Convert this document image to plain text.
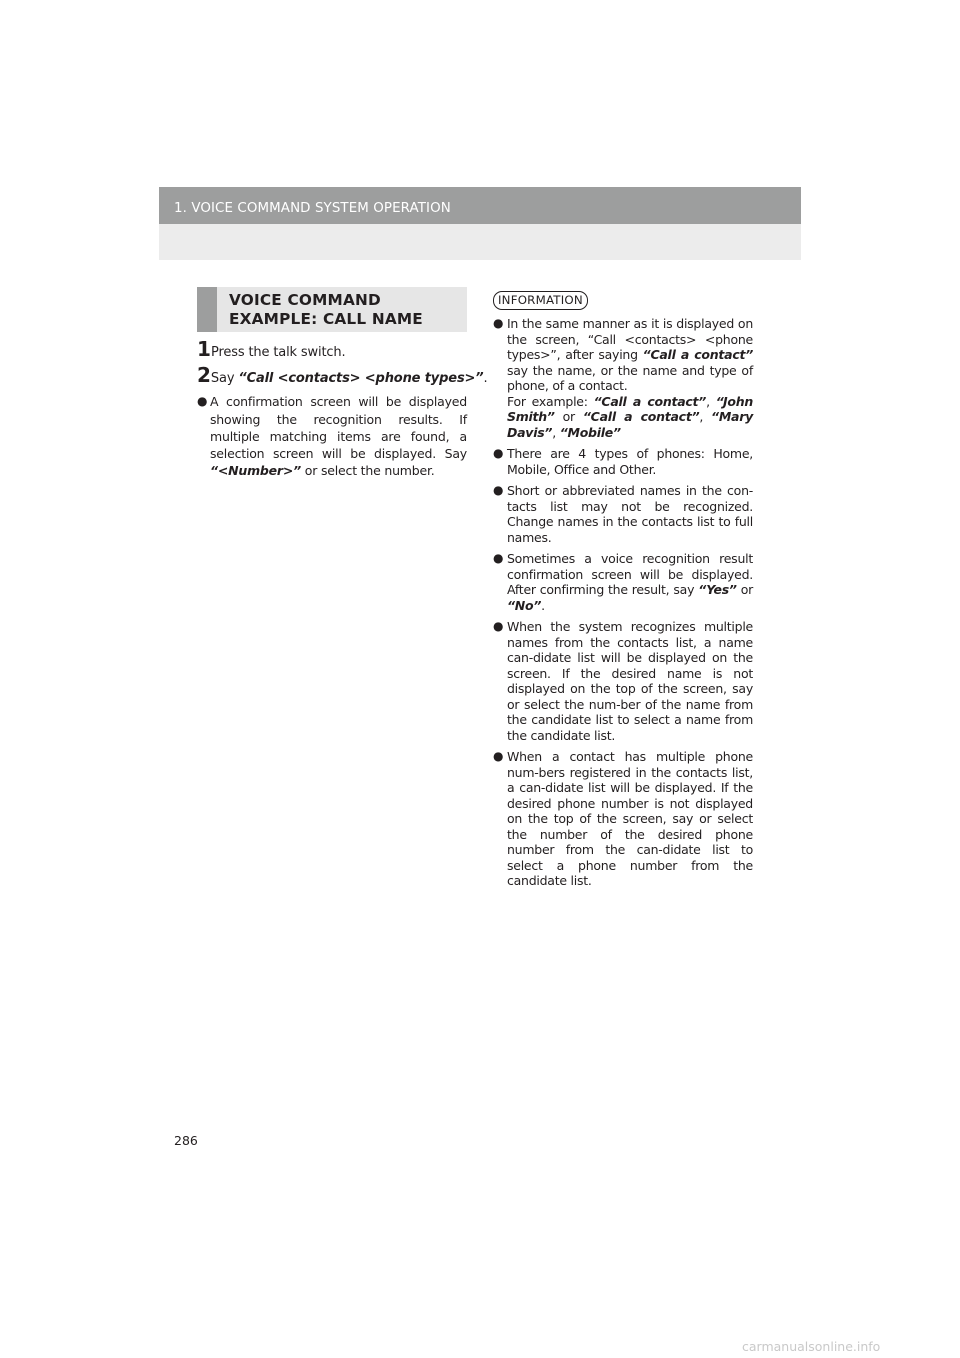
1. VOICE COMMAND SYSTEM OPERATION
VOICE COMMAND
EXAMPLE: CALL NAME
1 Press the talk switch.
2 Say “Call <contacts> <phone types>”.
● A confirmation screen will be displayed showing the recognition results. If multiple matching items are found, a selection screen will be displayed. Say “<Number>” or select the number.
INFORMATION
● In the same manner as it is displayed on the screen, “Call <contacts> <phone types>”, after saying “Call a contact” say the name, or the name and type of phone, of a contact.
For example: “Call a contact”, “John Smith” or “Call a contact”, “Mary Davis”, “Mobile”

● There are 4 types of phones: Home, Mobile, Office and Other.

● Short or abbreviated names in the con-tacts list may not be recognized. Change names in the contacts list to full names.

● Sometimes a voice recognition result confirmation screen will be displayed. After confirming the result, say “Yes” or “No”.

● When the system recognizes multiple names from the contacts list, a name can-didate list will be displayed on the screen. If the desired name is not displayed on the top of the screen, say or select the num-ber of the name from the candidate list to select a name from the candidate list.

● When a contact has multiple phone num-bers registered in the contacts list, a can-didate list will be displayed. If the desired phone number is not displayed on the top of the screen, say or select the number of the desired phone number from the can-didate list to select a phone number from the candidate list.

286
carmanualsonline.info
